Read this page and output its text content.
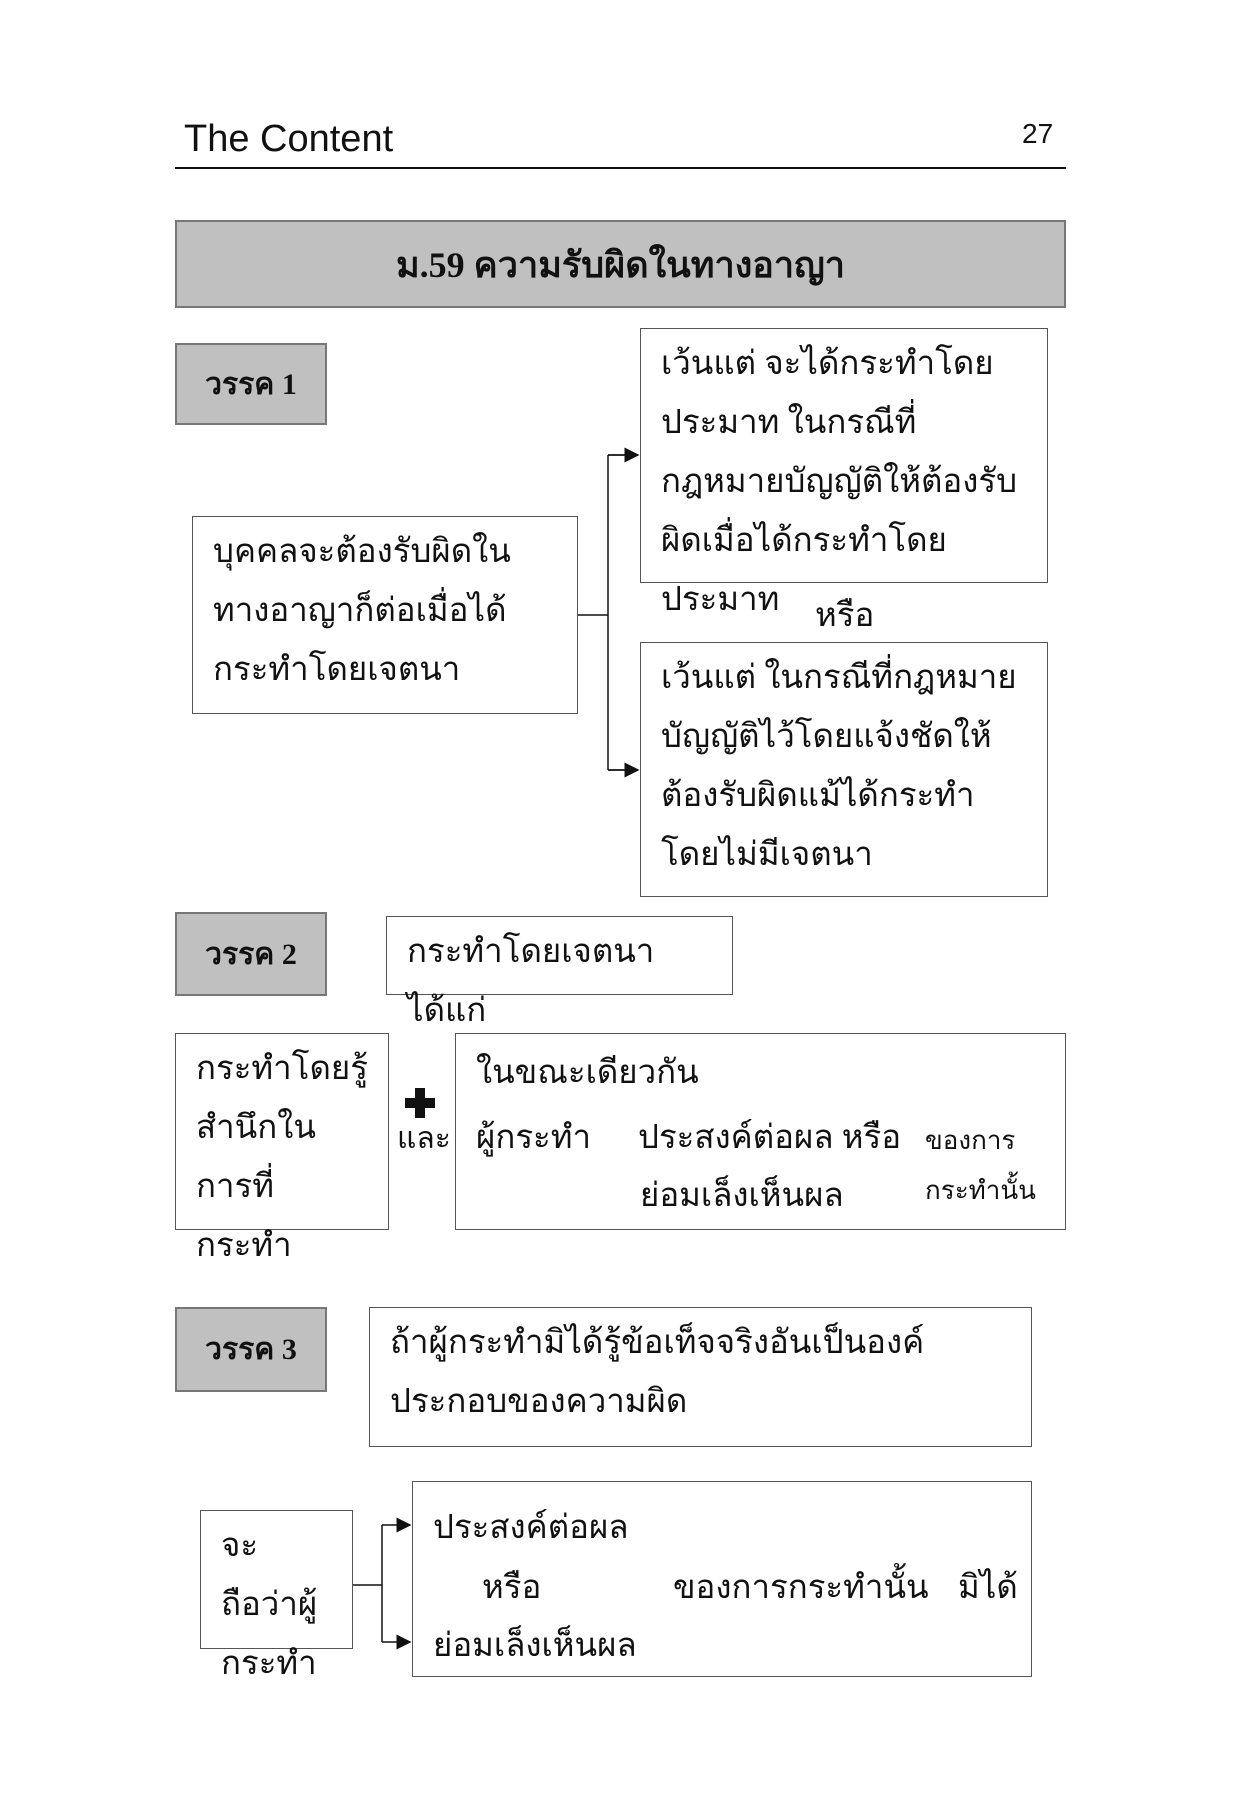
The Content	27
ม.59 ความรับผิดในทางอาญา
วรรค 1
บุคคลจะต้องรับผิดในทางอาญาก็ต่อเมื่อได้กระทำโดยเจตนา
เว้นแต่ จะได้กระทำโดยประมาท ในกรณีที่กฎหมายบัญญัติให้ต้องรับผิดเมื่อได้กระทำโดยประมาท	หรือ
เว้นแต่ ในกรณีที่กฎหมายบัญญัติไว้โดยแจ้งชัดให้ต้องรับผิดแม้ได้กระทำโดยไม่มีเจตนา
วรรค 2	กระทำโดยเจตนา ได้แก่
กระทำโดยรู้สำนึกในการที่กระทำ
และ
ในขณะเดียวกัน
ผู้กระทำ ประสงค์ต่อผล หรือ
ย่อมเล็งเห็นผล
ของการ
กระทำนั้น
วรรค 3	ถ้าผู้กระทำมิได้รู้ข้อเท็จจริงอันเป็นองค์ประกอบของความผิด
จะถือว่าผู้กระทำ
ประสงค์ต่อผล
หรือ
ย่อมเล็งเห็นผล
ของการกระทำนั้น มิได้
